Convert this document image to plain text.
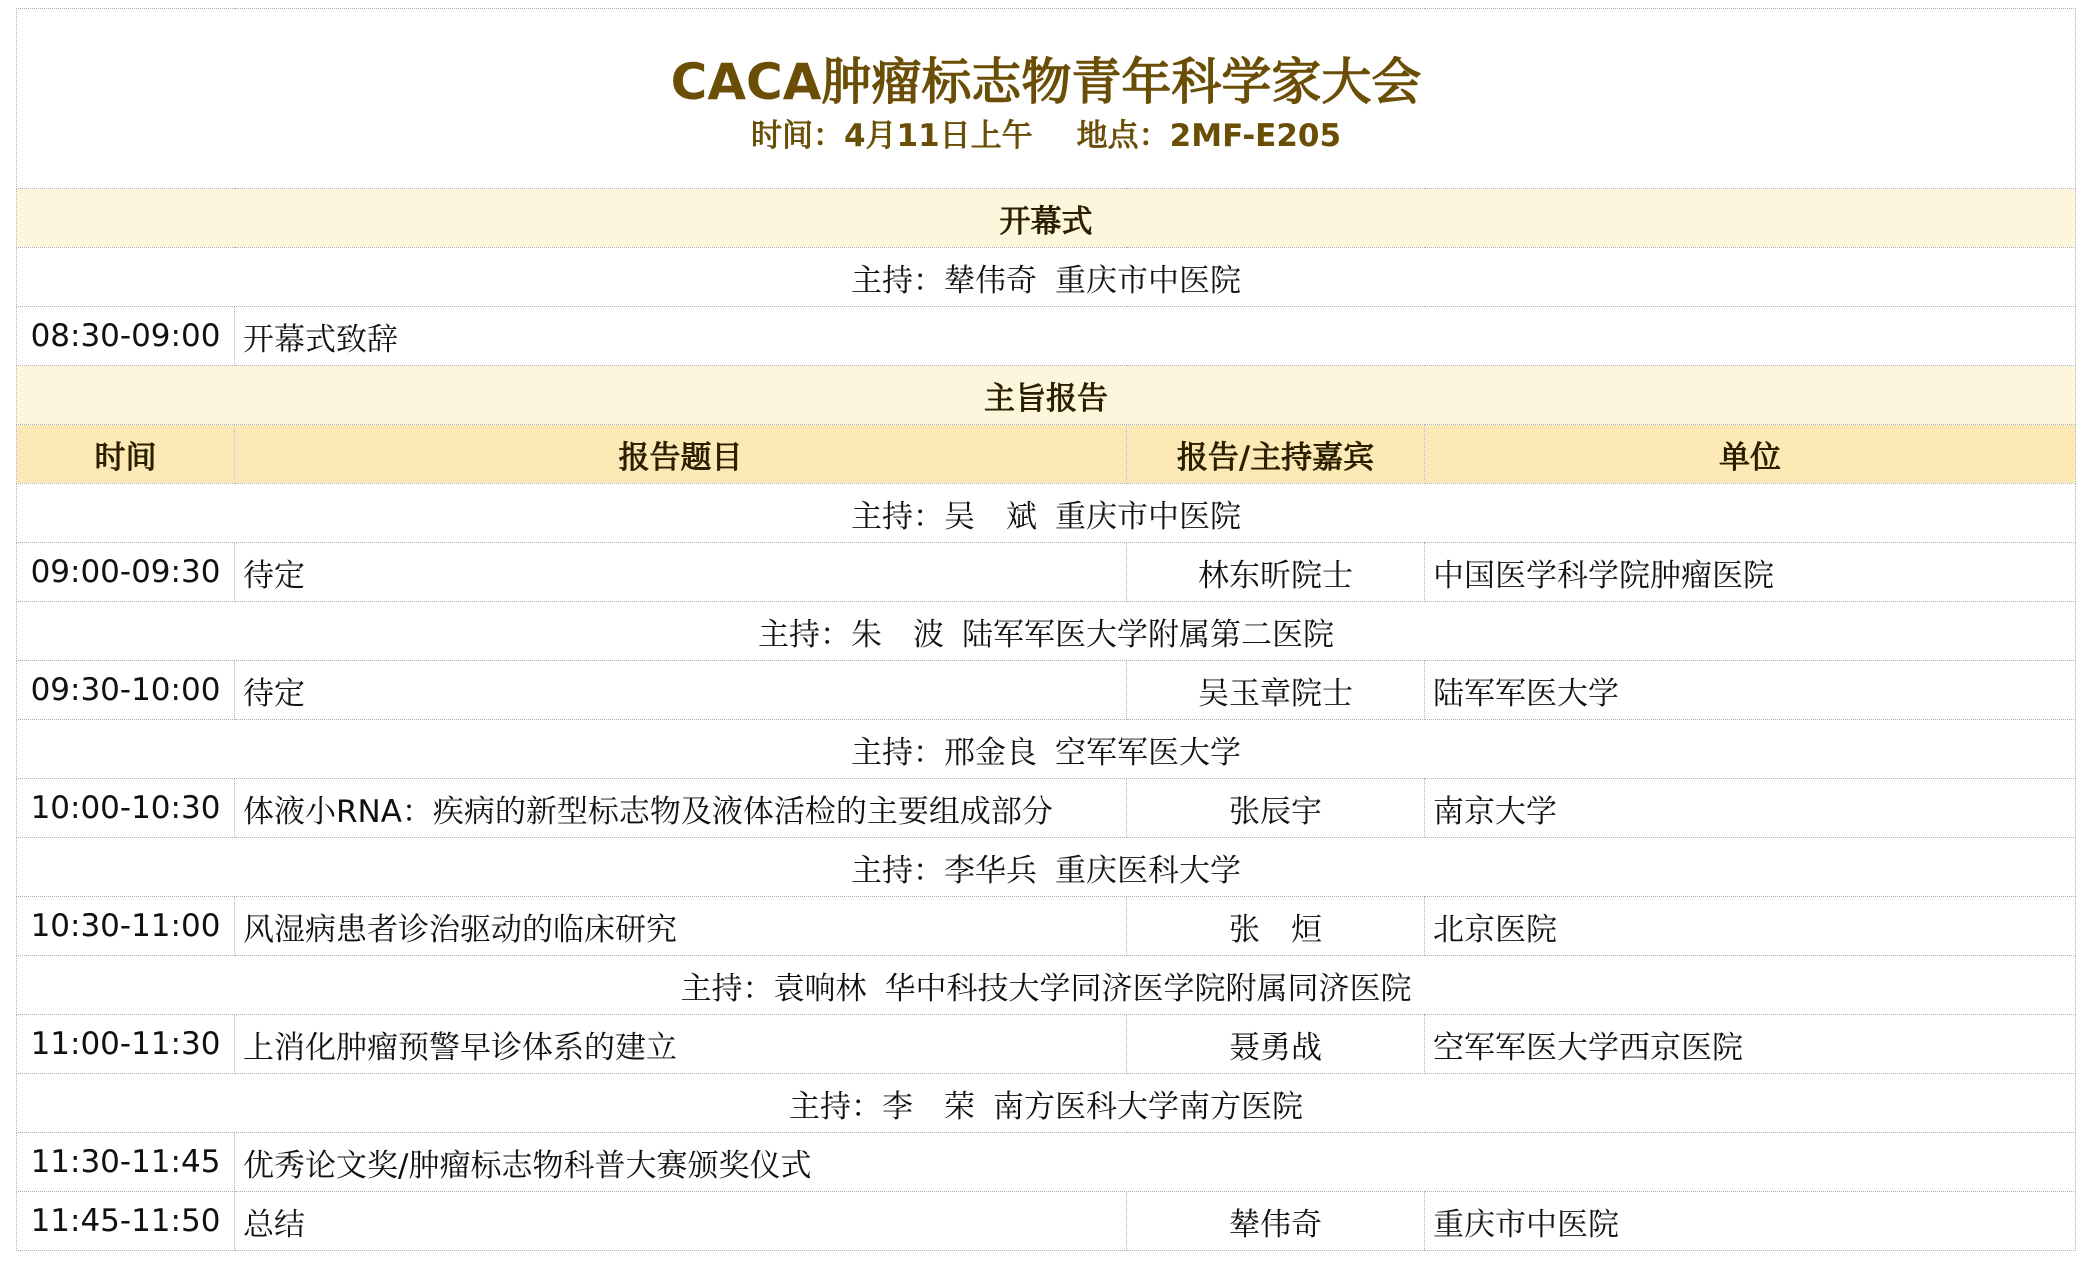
CACA肿瘤标志物青年科学家大会
时间：4月11日上午 地点：2MF-E205			

开幕式			
主持：辇伟奇 重庆市中医院			
08:30-09:00	开幕式致辞		
主旨报告			
时间	报告题目	报告/主持嘉宾	单位
主持：吴　斌 重庆市中医院			
09:00-09:30	待定	林东昕院士	中国医学科学院肿瘤医院
主持：朱　波 陆军军医大学附属第二医院			
09:30-10:00	待定	吴玉章院士	陆军军医大学
主持：邢金良 空军军医大学			
10:00-10:30	体液小RNA：疾病的新型标志物及液体活检的主要组成部分	张辰宇	南京大学
主持：李华兵 重庆医科大学			
10:30-11:00	风湿病患者诊治驱动的临床研究	张　烜	北京医院
主持：袁响林 华中科技大学同济医学院附属同济医院			
11:00-11:30	上消化肿瘤预警早诊体系的建立	聂勇战	空军军医大学西京医院
主持：李　荣 南方医科大学南方医院			
11:30-11:45	优秀论文奖/肿瘤标志物科普大赛颁奖仪式		
11:45-11:50	总结	辇伟奇	重庆市中医院
